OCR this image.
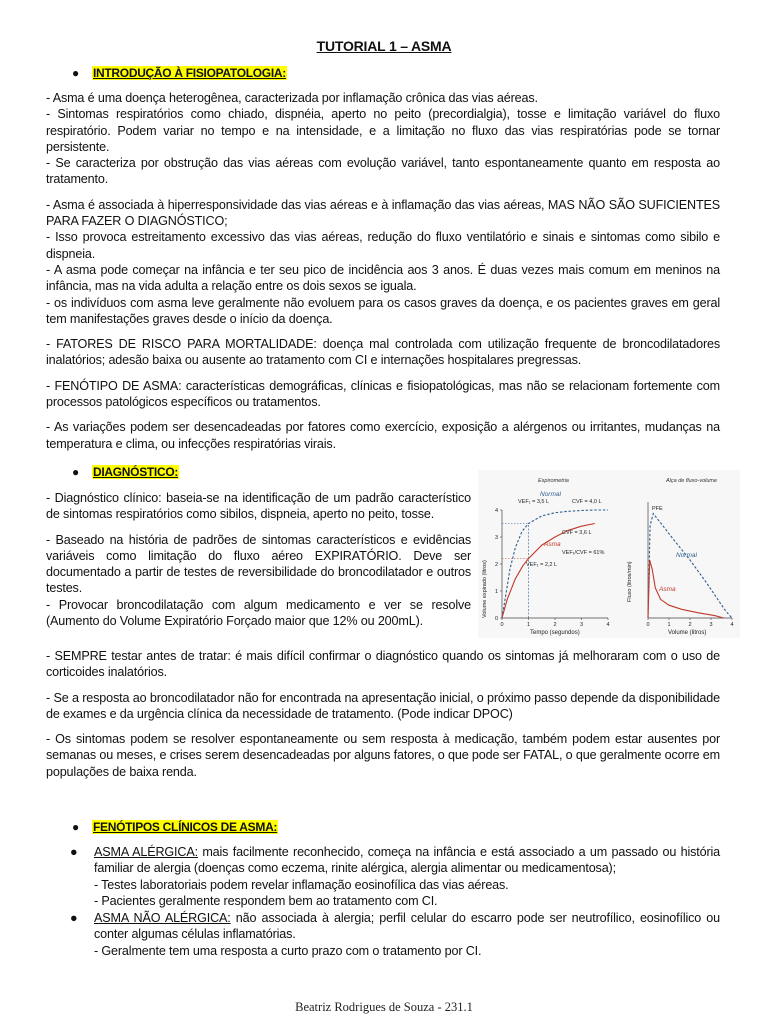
TUTORIAL 1 – ASMA
● INTRODUÇÃO À FISIOPATOLOGIA:

- Asma é uma doença heterogênea, caracterizada por inflamação crônica das vias aéreas.

- Sintomas respiratórios como chiado, dispnéia, aperto no peito (precordialgia), tosse e limitação variável do fluxo respiratório. Podem variar no tempo e na intensidade, e a limitação no fluxo das vias respiratórias pode se tornar persistente.

- Se caracteriza por obstrução das vias aéreas com evolução variável, tanto espontaneamente quanto em resposta ao tratamento.

- Asma é associada à hiperresponsividade das vias aéreas e à inflamação das vias aéreas, MAS NÃO SÃO SUFICIENTES PARA FAZER O DIAGNÓSTICO;

- Isso provoca estreitamento excessivo das vias aéreas, redução do fluxo ventilatório e sinais e sintomas como sibilo e dispneia.

- A asma pode começar na infância e ter seu pico de incidência aos 3 anos. É duas vezes mais comum em meninos na infância, mas na vida adulta a relação entre os dois sexos se iguala.

- os indivíduos com asma leve geralmente não evoluem para os casos graves da doença, e os pacientes graves em geral tem manifestações graves desde o início da doença.

- FATORES DE RISCO PARA MORTALIDADE: doença mal controlada com utilização frequente de broncodilatadores inalatórios; adesão baixa ou ausente ao tratamento com CI e internações hospitalares pregressas.

- FENÓTIPO DE ASMA: características demográficas, clínicas e fisiopatológicas, mas não se relacionam fortemente com processos patológicos específicos ou tratamentos.

- As variações podem ser desencadeadas por fatores como exercício, exposição a alérgenos ou irritantes, mudanças na temperatura e clima, ou infecções respiratórias virais.

● DIAGNÓSTICO:

- Diagnóstico clínico: baseia-se na identificação de um padrão característico de sintomas respiratórios como sibilos, dispneia, aperto no peito, tosse.

- Baseado na história de padrões de sintomas característicos e evidências variáveis como limitação do fluxo aéreo EXPIRATÓRIO. Deve ser documentado a partir de testes de reversibilidade do broncodilatador e outros testes.

- Provocar broncodilatação com algum medicamento e ver se resolve (Aumento do Volume Expiratório Forçado maior que 12% ou 200mL).

- SEMPRE testar antes de tratar: é mais difícil confirmar o diagnóstico quando os sintomas já melhoraram com o uso de corticoides inalatórios.

- Se a resposta ao broncodilatador não for encontrada na apresentação inicial, o próximo passo depende da disponibilidade de exames e da urgência clínica da necessidade de tratamento. (Pode indicar DPOC)

- Os sintomas podem se resolver espontaneamente ou sem resposta à medicação, também podem estar ausentes por semanas ou meses, e crises serem desencadeadas por alguns fatores, o que pode ser FATAL, o que geralmente ocorre em populações de baixa renda.

Espirometria
0	1	2	3	4
0
1
2
3
4
Normal
Asma
VEF₁ = 3,5 L	CVF = 4,0 L
CVF = 3,6 L
VEF₁/CVF = 61%
VEF₁ = 2,2 L
Tempo (segundos)
Volume expirado (litros)
Alça de fluxo-volume
0	1	2	3	4
PFE
Normal
Asma
Volume (litros)
Fluxo (litros/min)
● FENÓTIPOS CLÍNICOS DE ASMA:
● ASMA ALÉRGICA: mais facilmente reconhecido, começa na infância e está associado a um passado ou história familiar de alergia (doenças como eczema, rinite alérgica, alergia alimentar ou medicamentosa);
- Testes laboratoriais podem revelar inflamação eosinofílica das vias aéreas.
- Pacientes geralmente respondem bem ao tratamento com CI.
● ASMA NÃO ALÉRGICA: não associada à alergia; perfil celular do escarro pode ser neutrofílico, eosinofílico ou conter algumas células inflamatórias.
- Geralmente tem uma resposta a curto prazo com o tratamento por CI.
Beatriz Rodrigues de Souza - 231.1
